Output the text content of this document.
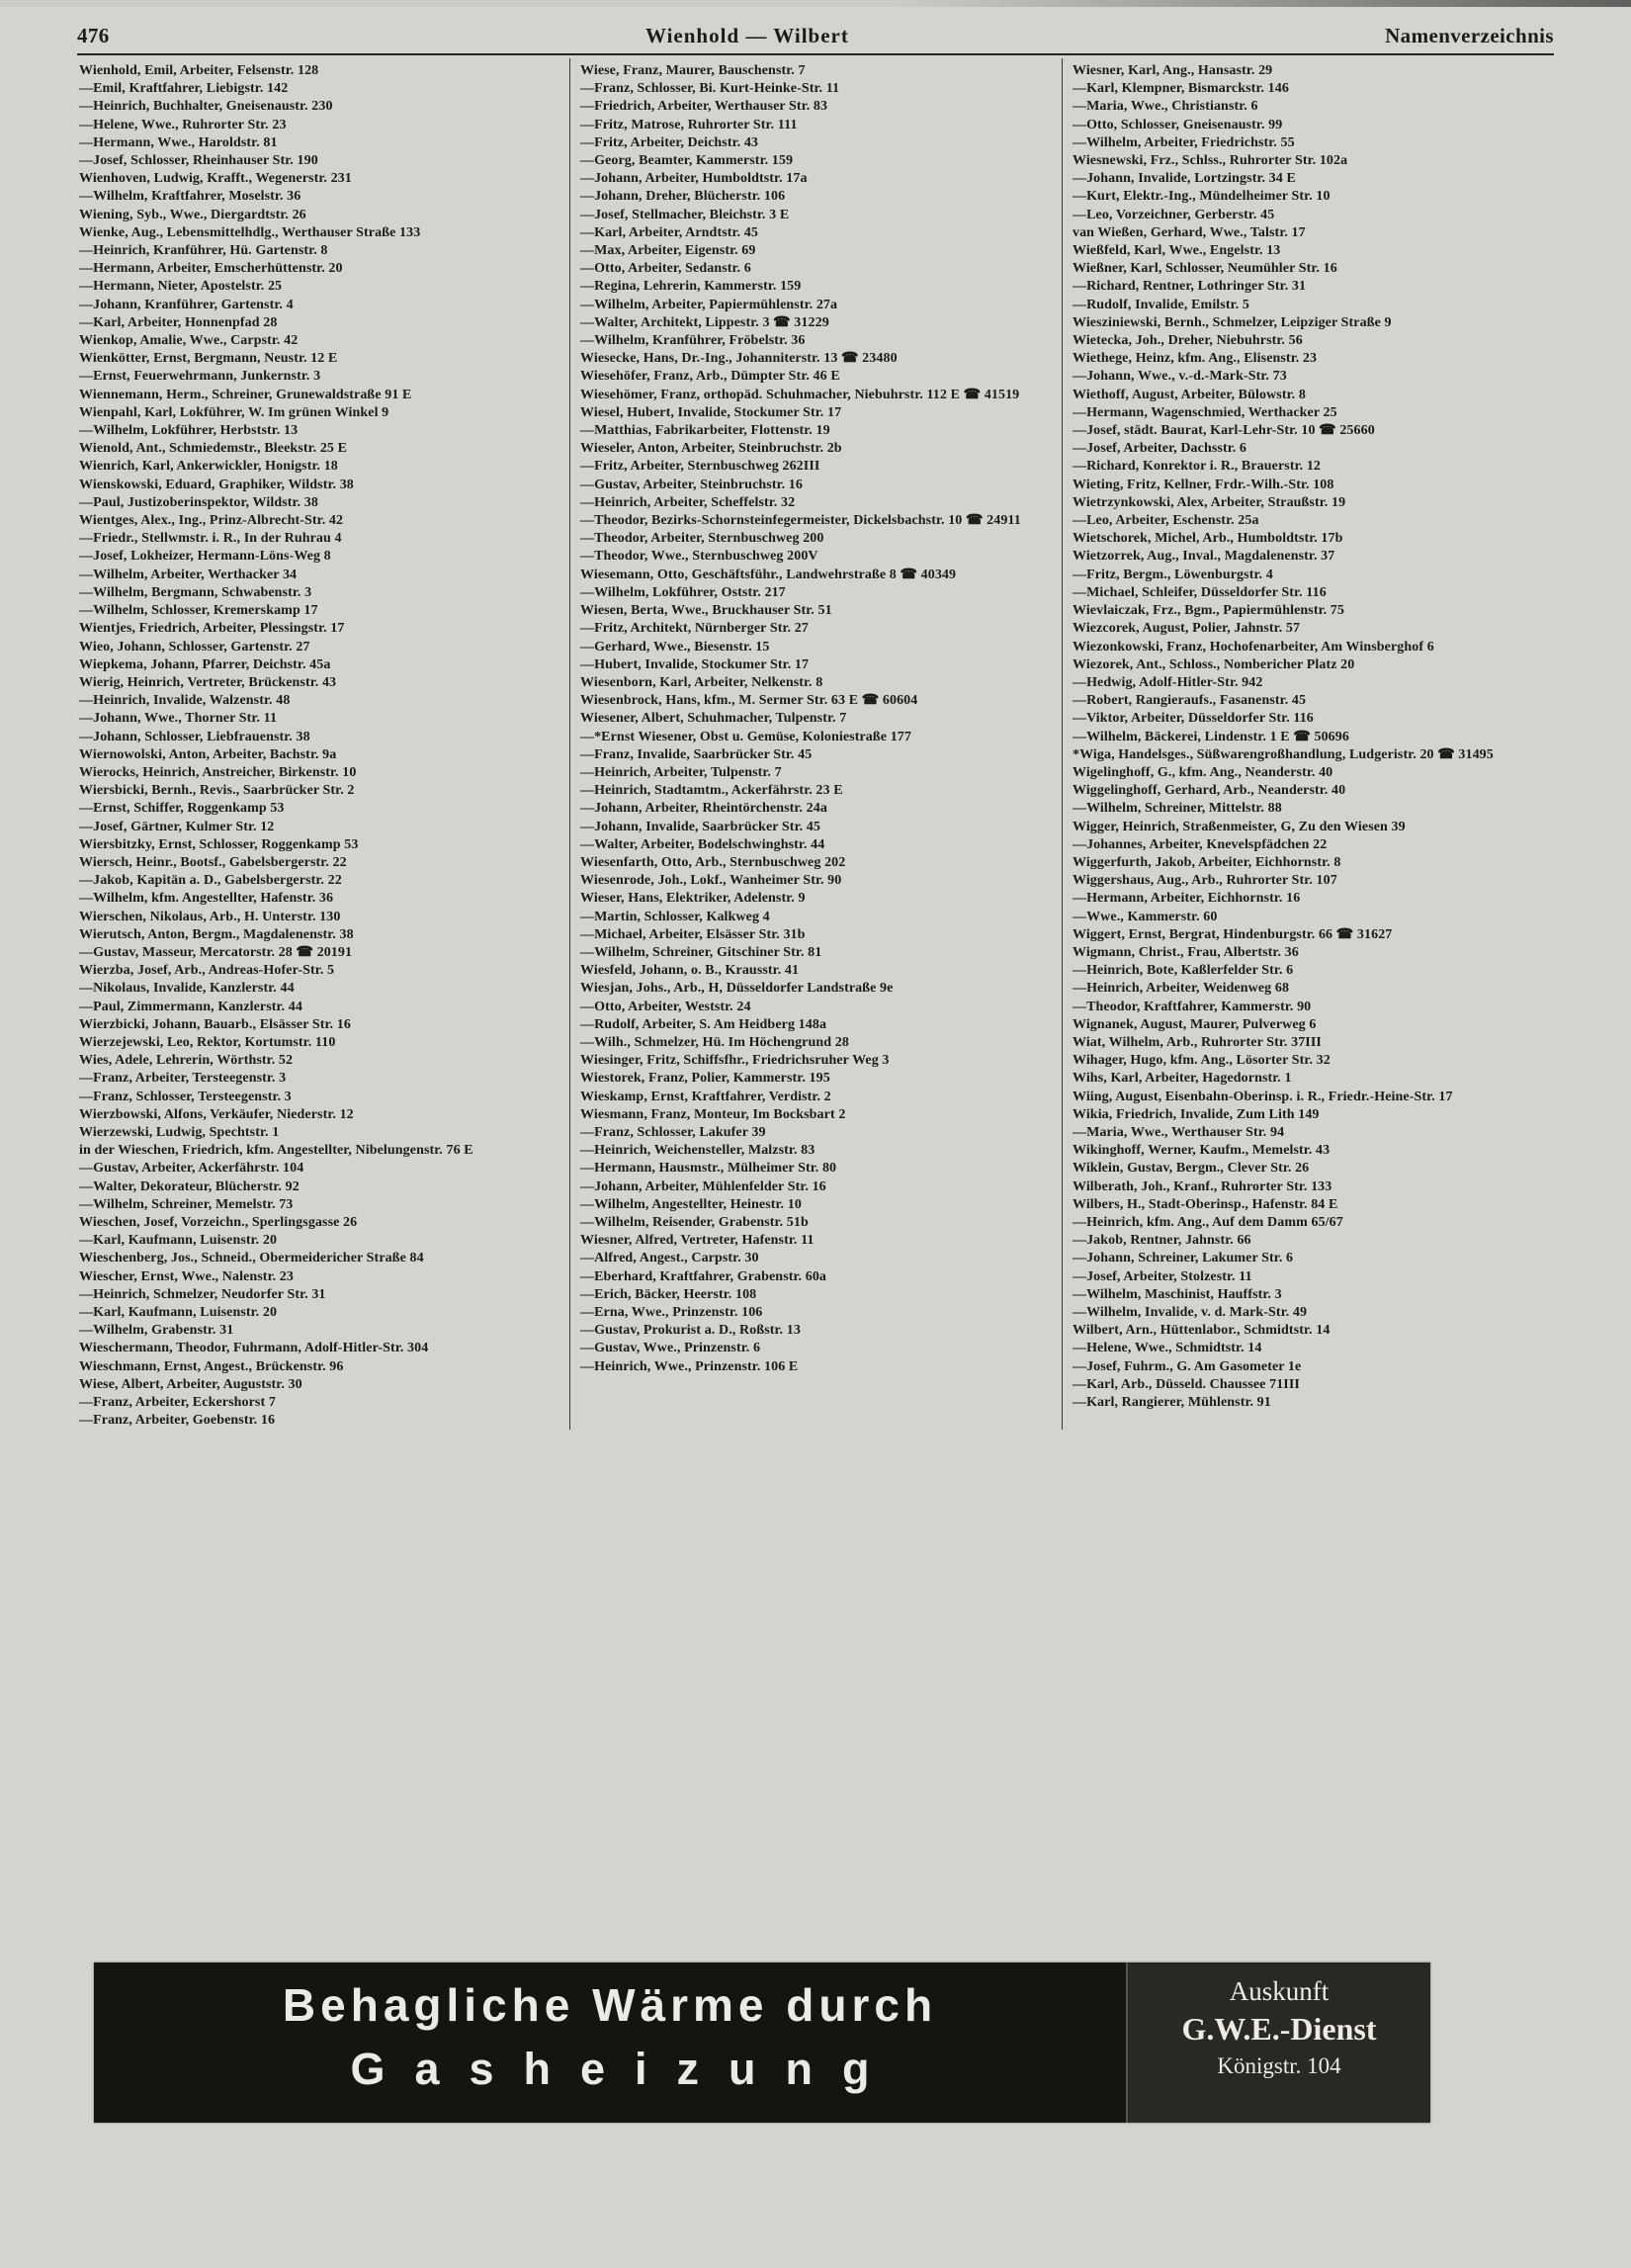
476	Wienhold — Wilbert	Namenverzeichnis
Wienhold, Emil, Arbeiter, Felsenstr. 128
—Emil, Kraftfahrer, Liebigstr. 142
—Heinrich, Buchhalter, Gneisenaustr. 230
—Helene, Wwe., Ruhrorter Str. 23
—Hermann, Wwe., Haroldstr. 81
—Josef, Schlosser, Rheinhauser Str. 190
Wienhoven, Ludwig, Krafft., Wegenerstr. 231
—Wilhelm, Kraftfahrer, Moselstr. 36
Wiening, Syb., Wwe., Diergardtstr. 26
Wienke, Aug., Lebensmittelhdlg., Werthauser Straße 133
—Heinrich, Kranführer, Hü. Gartenstr. 8
—Hermann, Arbeiter, Emscherhüttenstr. 20
—Hermann, Nieter, Apostelstr. 25
—Johann, Kranführer, Gartenstr. 4
—Karl, Arbeiter, Honnenpfad 28
Wienkop, Amalie, Wwe., Carpstr. 42
Wienkötter, Ernst, Bergmann, Neustr. 12 E
—Ernst, Feuerwehrmann, Junkernstr. 3
Wiennemann, Herm., Schreiner, Grunewaldstraße 91 E
Wienpahl, Karl, Lokführer, W. Im grünen Winkel 9
—Wilhelm, Lokführer, Herbststr. 13
Wienold, Ant., Schmiedemstr., Bleekstr. 25 E
Wienrich, Karl, Ankerwickler, Honigstr. 18
Wienskowski, Eduard, Graphiker, Wildstr. 38
—Paul, Justizoberinspektor, Wildstr. 38
Wientges, Alex., Ing., Prinz-Albrecht-Str. 42
—Friedr., Stellwmstr. i. R., In der Ruhrau 4
—Josef, Lokheizer, Hermann-Löns-Weg 8
—Wilhelm, Arbeiter, Werthacker 34
—Wilhelm, Bergmann, Schwabenstr. 3
—Wilhelm, Schlosser, Kremerskamp 17
Wientjes, Friedrich, Arbeiter, Plessingstr. 17
Wieo, Johann, Schlosser, Gartenstr. 27
Wiepkema, Johann, Pfarrer, Deichstr. 45a
Wierig, Heinrich, Vertreter, Brückenstr. 43
—Heinrich, Invalide, Walzenstr. 48
—Johann, Wwe., Thorner Str. 11
—Johann, Schlosser, Liebfrauenstr. 38
Wiernowolski, Anton, Arbeiter, Bachstr. 9a
Wierocks, Heinrich, Anstreicher, Birkenstr. 10
Wiersbicki, Bernh., Revis., Saarbrücker Str. 2
—Ernst, Schiffer, Roggenkamp 53
—Josef, Gärtner, Kulmer Str. 12
Wiersbitzky, Ernst, Schlosser, Roggenkamp 53
Wiersch, Heinr., Bootsf., Gabelsbergerstr. 22
—Jakob, Kapitän a. D., Gabelsbergerstr. 22
—Wilhelm, kfm. Angestellter, Hafenstr. 36
Wierschen, Nikolaus, Arb., H. Unterstr. 130
Wierutsch, Anton, Bergm., Magdalenenstr. 38
—Gustav, Masseur, Mercatorstr. 28 ☎ 20191
Wierzba, Josef, Arb., Andreas-Hofer-Str. 5
—Nikolaus, Invalide, Kanzlerstr. 44
—Paul, Zimmermann, Kanzlerstr. 44
Wierzbicki, Johann, Bauarb., Elsässer Str. 16
Wierzejewski, Leo, Rektor, Kortumstr. 110
Wies, Adele, Lehrerin, Wörthstr. 52
—Franz, Arbeiter, Tersteegenstr. 3
—Franz, Schlosser, Tersteegenstr. 3
Wierzbowski, Alfons, Verkäufer, Niederstr. 12
Wierzewski, Ludwig, Spechtstr. 1
in der Wieschen, Friedrich, kfm. Angestellter, Nibelungenstr. 76 E
—Gustav, Arbeiter, Ackerfährstr. 104
—Walter, Dekorateur, Blücherstr. 92
—Wilhelm, Schreiner, Memelstr. 73
Wieschen, Josef, Vorzeichn., Sperlingsgasse 26
—Karl, Kaufmann, Luisenstr. 20
Wieschenberg, Jos., Schneid., Obermeidericher Straße 84
Wiescher, Ernst, Wwe., Nalenstr. 23
—Heinrich, Schmelzer, Neudorfer Str. 31
—Karl, Kaufmann, Luisenstr. 20
—Wilhelm, Grabenstr. 31
Wieschermann, Theodor, Fuhrmann, Adolf-Hitler-Str. 304
Wieschmann, Ernst, Angest., Brückenstr. 96
Wiese, Albert, Arbeiter, Auguststr. 30
—Franz, Arbeiter, Eckershorst 7
—Franz, Arbeiter, Goebenstr. 16
Wiese, Franz, Maurer, Bauschenstr. 7
—Franz, Schlosser, Bi. Kurt-Heinke-Str. 11
—Friedrich, Arbeiter, Werthauser Str. 83
—Fritz, Matrose, Ruhrorter Str. 111
—Fritz, Arbeiter, Deichstr. 43
—Georg, Beamter, Kammerstr. 159
—Johann, Arbeiter, Humboldtstr. 17a
—Johann, Dreher, Blücherstr. 106
—Josef, Stellmacher, Bleichstr. 3 E
—Karl, Arbeiter, Arndtstr. 45
—Max, Arbeiter, Eigenstr. 69
—Otto, Arbeiter, Sedanstr. 6
—Regina, Lehrerin, Kammerstr. 159
—Wilhelm, Arbeiter, Papiermühlenstr. 27a
—Walter, Architekt, Lippestr. 3 ☎ 31229
—Wilhelm, Kranführer, Fröbelstr. 36
Wiesecke, Hans, Dr.-Ing., Johanniterstr. 13 ☎ 23480
Wiesehöfer, Franz, Arb., Dümpter Str. 46 E
Wiesehömer, Franz, orthopäd. Schuhmacher, Niebuhrstr. 112 E ☎ 41519
Wiesel, Hubert, Invalide, Stockumer Str. 17
—Matthias, Fabrikarbeiter, Flottenstr. 19
Wieseler, Anton, Arbeiter, Steinbruchstr. 2b
—Fritz, Arbeiter, Sternbuschweg 262III
—Gustav, Arbeiter, Steinbruchstr. 16
—Heinrich, Arbeiter, Scheffelstr. 32
—Theodor, Bezirks-Schornsteinfegermeister, Dickelsbachstr. 10 ☎ 24911
—Theodor, Arbeiter, Sternbuschweg 200
—Theodor, Wwe., Sternbuschweg 200V
Wiesemann, Otto, Geschäftsführ., Landwehrstraße 8 ☎ 40349
—Wilhelm, Lokführer, Oststr. 217
Wiesen, Berta, Wwe., Bruckhauser Str. 51
—Fritz, Architekt, Nürnberger Str. 27
—Gerhard, Wwe., Biesenstr. 15
—Hubert, Invalide, Stockumer Str. 17
Wiesenborn, Karl, Arbeiter, Nelkenstr. 8
Wiesenbrock, Hans, kfm., M. Sermer Str. 63 E ☎ 60604
Wiesener, Albert, Schuhmacher, Tulpenstr. 7
—*Ernst Wiesener, Obst u. Gemüse, Koloniestraße 177
—Franz, Invalide, Saarbrücker Str. 45
—Heinrich, Arbeiter, Tulpenstr. 7
—Heinrich, Stadtamtm., Ackerfährstr. 23 E
—Johann, Arbeiter, Rheintörchenstr. 24a
—Johann, Invalide, Saarbrücker Str. 45
—Walter, Arbeiter, Bodelschwinghstr. 44
Wiesenfarth, Otto, Arb., Sternbuschweg 202
Wiesenrode, Joh., Lokf., Wanheimer Str. 90
Wieser, Hans, Elektriker, Adelenstr. 9
—Martin, Schlosser, Kalkweg 4
—Michael, Arbeiter, Elsässer Str. 31b
—Wilhelm, Schreiner, Gitschiner Str. 81
Wiesfeld, Johann, o. B., Krausstr. 41
Wiesjan, Johs., Arb., H, Düsseldorfer Landstraße 9e
—Otto, Arbeiter, Weststr. 24
—Rudolf, Arbeiter, S. Am Heidberg 148a
—Wilh., Schmelzer, Hü. Im Höchengrund 28
Wiesinger, Fritz, Schiffsfhr., Friedrichsruher Weg 3
Wiestorek, Franz, Polier, Kammerstr. 195
Wieskamp, Ernst, Kraftfahrer, Verdistr. 2
Wiesmann, Franz, Monteur, Im Bocksbart 2
—Franz, Schlosser, Lakufer 39
—Heinrich, Weichensteller, Malzstr. 83
—Hermann, Hausmstr., Mülheimer Str. 80
—Johann, Arbeiter, Mühlenfelder Str. 16
—Wilhelm, Angestellter, Heinestr. 10
—Wilhelm, Reisender, Grabenstr. 51b
Wiesner, Alfred, Vertreter, Hafenstr. 11
—Alfred, Angest., Carpstr. 30
—Eberhard, Kraftfahrer, Grabenstr. 60a
—Erich, Bäcker, Heerstr. 108
—Erna, Wwe., Prinzenstr. 106
—Gustav, Prokurist a. D., Roßstr. 13
—Gustav, Wwe., Prinzenstr. 6
—Heinrich, Wwe., Prinzenstr. 106 E
Wiesner, Karl, Ang., Hansastr. 29
—Karl, Klempner, Bismarckstr. 146
—Maria, Wwe., Christianstr. 6
—Otto, Schlosser, Gneisenaustr. 99
—Wilhelm, Arbeiter, Friedrichstr. 55
Wiesnewski, Frz., Schlss., Ruhrorter Str. 102a
—Johann, Invalide, Lortzingstr. 34 E
—Kurt, Elektr.-Ing., Mündelheimer Str. 10
—Leo, Vorzeichner, Gerberstr. 45
van Wießen, Gerhard, Wwe., Talstr. 17
Wießfeld, Karl, Wwe., Engelstr. 13
Wießner, Karl, Schlosser, Neumühler Str. 16
—Richard, Rentner, Lothringer Str. 31
—Rudolf, Invalide, Emilstr. 5
Wiesziniewski, Bernh., Schmelzer, Leipziger Straße 9
Wietecka, Joh., Dreher, Niebuhrstr. 56
Wiethege, Heinz, kfm. Ang., Elisenstr. 23
—Johann, Wwe., v.-d.-Mark-Str. 73
Wiethoff, August, Arbeiter, Bülowstr. 8
—Hermann, Wagenschmied, Werthacker 25
—Josef, städt. Baurat, Karl-Lehr-Str. 10 ☎ 25660
—Josef, Arbeiter, Dachsstr. 6
—Richard, Konrektor i. R., Brauerstr. 12
Wieting, Fritz, Kellner, Frdr.-Wilh.-Str. 108
Wietrzynkowski, Alex, Arbeiter, Straußstr. 19
—Leo, Arbeiter, Eschenstr. 25a
Wietschorek, Michel, Arb., Humboldtstr. 17b
Wietzorrek, Aug., Inval., Magdalenenstr. 37
—Fritz, Bergm., Löwenburgstr. 4
—Michael, Schleifer, Düsseldorfer Str. 116
Wievlaiczak, Frz., Bgm., Papiermühlenstr. 75
Wiezcorek, August, Polier, Jahnstr. 57
Wiezonkowski, Franz, Hochofenarbeiter, Am Winsberghof 6
Wiezorek, Ant., Schloss., Nombericher Platz 20
—Hedwig, Adolf-Hitler-Str. 942
—Robert, Rangieraufs., Fasanenstr. 45
—Viktor, Arbeiter, Düsseldorfer Str. 116
—Wilhelm, Bäckerei, Lindenstr. 1 E ☎ 50696
*Wiga, Handelsges., Süßwarengroßhandlung, Ludgeristr. 20 ☎ 31495
Wigelinghoff, G., kfm. Ang., Neanderstr. 40
Wiggelinghoff, Gerhard, Arb., Neanderstr. 40
—Wilhelm, Schreiner, Mittelstr. 88
Wigger, Heinrich, Straßenmeister, G, Zu den Wiesen 39
—Johannes, Arbeiter, Knevelspfädchen 22
Wiggerfurth, Jakob, Arbeiter, Eichhornstr. 8
Wiggershaus, Aug., Arb., Ruhrorter Str. 107
—Hermann, Arbeiter, Eichhornstr. 16
—Wwe., Kammerstr. 60
Wiggert, Ernst, Bergrat, Hindenburgstr. 66 ☎ 31627
Wigmann, Christ., Frau, Albertstr. 36
—Heinrich, Bote, Kaßlerfelder Str. 6
—Heinrich, Arbeiter, Weidenweg 68
—Theodor, Kraftfahrer, Kammerstr. 90
Wignanek, August, Maurer, Pulverweg 6
Wiat, Wilhelm, Arb., Ruhrorter Str. 37III
Wihager, Hugo, kfm. Ang., Lösorter Str. 32
Wihs, Karl, Arbeiter, Hagedornstr. 1
Wiing, August, Eisenbahn-Oberinsp. i. R., Friedr.-Heine-Str. 17
Wikia, Friedrich, Invalide, Zum Lith 149
—Maria, Wwe., Werthauser Str. 94
Wikinghoff, Werner, Kaufm., Memelstr. 43
Wiklein, Gustav, Bergm., Clever Str. 26
Wilberath, Joh., Kranf., Ruhrorter Str. 133
Wilbers, H., Stadt-Oberinsp., Hafenstr. 84 E
—Heinrich, kfm. Ang., Auf dem Damm 65/67
—Jakob, Rentner, Jahnstr. 66
—Johann, Schreiner, Lakumer Str. 6
—Josef, Arbeiter, Stolzestr. 11
—Wilhelm, Maschinist, Hauffstr. 3
—Wilhelm, Invalide, v. d. Mark-Str. 49
Wilbert, Arn., Hüttenlabor., Schmidtstr. 14
—Helene, Wwe., Schmidtstr. 14
—Josef, Fuhrm., G. Am Gasometer 1e
—Karl, Arb., Düsseld. Chaussee 71III
—Karl, Rangierer, Mühlenstr. 91
Behagliche Wärme durch
Gasheizung
Auskunft
G.W.E.-Dienst
Königstr. 104
